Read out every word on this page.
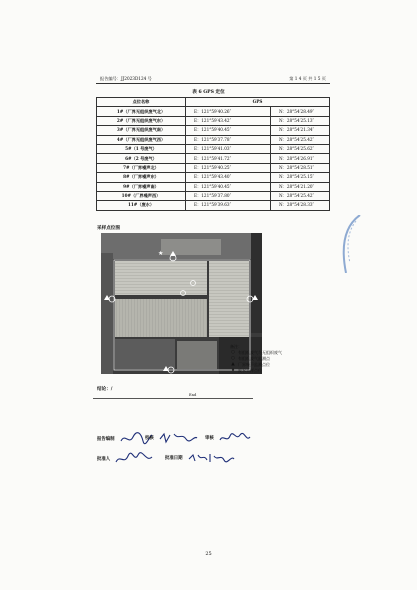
报告编号：JJ2023D124 号	第 1 4 页 共 1 5 页
表 6 GPS 定位
点位名称	GPS	
1#（厂界无组织废气北）	E：121°59′40.26″	N：28°54′28.49″
2#（厂界无组织废气东）	E：121°59′43.42″	N：28°54′25.13″
3#（厂界无组织废气南）	E：121°59′40.45″	N：28°54′21.34″
4#（厂界无组织废气西）	E：121°59′37.78″	N：28°54′25.42″
5#（1 号废气）	E：121°59′41.03″	N：28°54′25.62″
6#（2 号废气）	E：121°59′41.72″	N：28°54′26.91″
7#（厂界噪声北）	E：121°59′40.25″	N：28°54′28.51″
8#（厂界噪声东）	E：121°59′43.40″	N：28°54′25.15″
9#（厂界噪声南）	E：121°59′40.45″	N：28°54′21.20″
10#（厂界噪声西）	E：121°59′37.80″	N：28°54′25.42″
11#（废水）	E：121°59′39.63″	N：28°54′28.33″
采样点位图
★
备注：
○ 有组织废气与无组织废气
○ 有组织废气监测点
▲ 厂界噪声监测点位
★ 废水采样点位
结论：/
End
报告编制	校核	审核
批准人	批准日期
25
